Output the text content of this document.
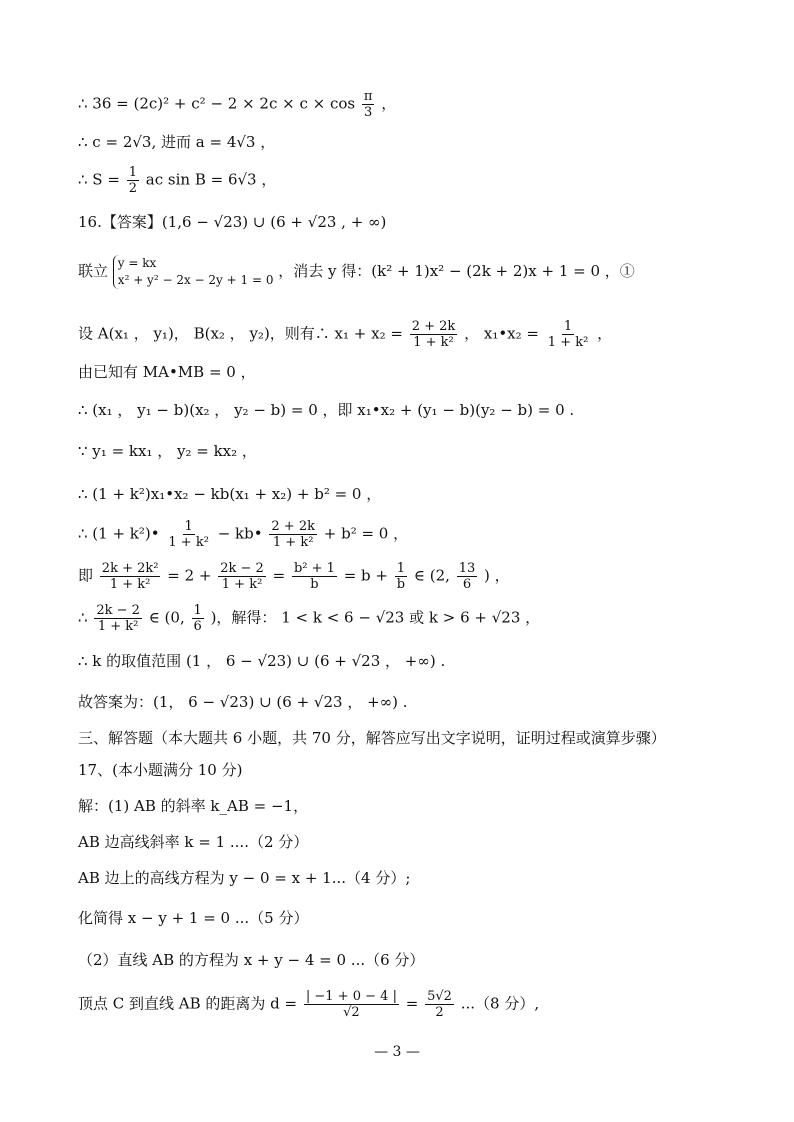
∴ $36 = (2c)^2 + c^2 - 2 \times 2c \times c \times \cos \frac{\pi}{3}$ ，
∴ c = 2√3, 进而 a = 4√3 ，
∴ $S = \frac{1}{2}$ ac sin B = 6√3 ，
16.【答案】(1,6 − √23) ∪ (6 + √23 , + ∞)
联立 y = kx
x² + y² − 2x − 2y + 1 = 0 ，消去 y 得：(k² + 1)x² − (2k + 2)x + 1 = 0 ，①
设 A(x₁ ， y₁)， B(x₂ ， y₂)，则有∴ $x_1 + x_2 = \frac{2 + 2k}{\text{1 + k²}}$ ， x₁•x₂ = $\frac{1}{\text{1 + k²}}$ ，
由已知有 MA•MB = 0 ，
∴ (x₁ ， y₁ − b)(x₂ ， y₂ − b) = 0 ，即 x₁•x₂ + (y₁ − b)(y₂ − b) = 0 .
∵ y₁ = kx₁ ， y₂ = kx₂ ，
∴ (1 + k²)x₁•x₂ − kb(x₁ + x₂) + b² = 0 ，
∴ (1 + k²)• $\frac{1}{\text{1 + k²}}$ − kb• $\frac{2 + 2k}{\text{1 + k²}} + b^2 = 0$ ，
即 $\frac{\text{2k + 2k²}}{\text{1 + k²}} = 2 + \frac{2k - 2}{\text{1 + k²}} = \frac{\text{b² + 1}}{b} = b + \frac{1}{b}$ ∈ (2, $\frac{13}{6}$ ) ，
∴ $\frac{2k - 2}{\text{1 + k²}}$ ∈ (0, $\frac{1}{6}$ )，解得： 1 < k < 6 − √23 或 k > 6 + √23 ，
∴ k 的取值范围 (1 ， 6 − √23) ∪ (6 + √23 ， +∞) .
故答案为：(1， 6 − √23) ∪ (6 + √23 ， +∞) .
三、解答题（本大题共 6 小题，共 70 分，解答应写出文字说明，证明过程或演算步骤）
17、(本小题满分 10 分)
解：(1) AB 的斜率 k_AB = −1，
AB 边高线斜率 k = 1 ....（2 分）
AB 边上的高线方程为 y − 0 = x + 1...（4 分）;
化简得 x − y + 1 = 0 ...（5 分）
（2）直线 AB 的方程为 x + y − 4 = 0 ...（6 分）
顶点 C 到直线 AB 的距离为 $d = \frac{| -1 + 0 - 4 |}{√2} = \frac{5√2}{2} ...(8$ 分）,
— 3 —
